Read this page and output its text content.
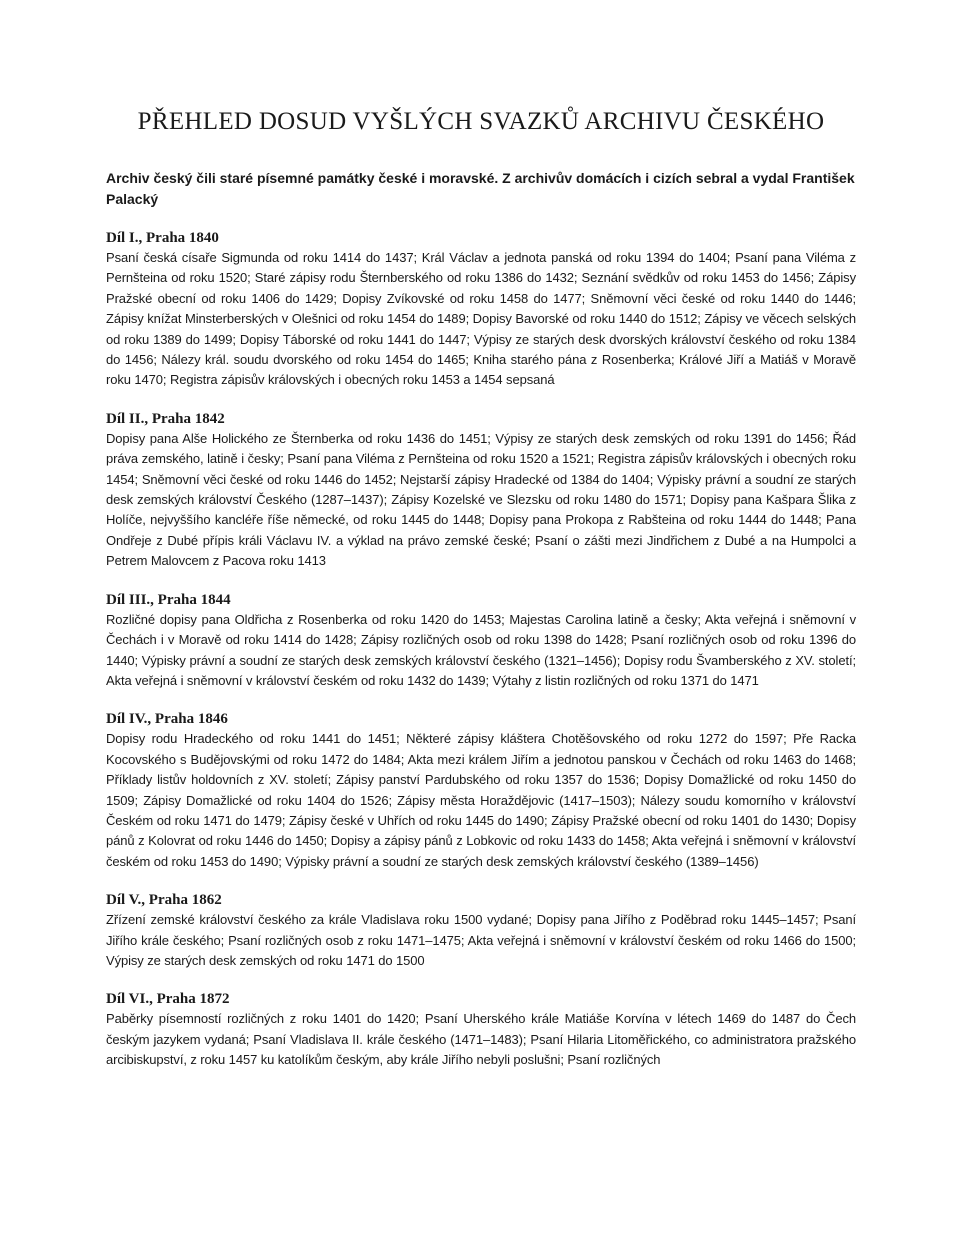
PŘEHLED DOSUD VYŠLÝCH SVAZKŮ ARCHIVU ČESKÉHO

Archiv český čili staré písemné památky české i moravské. Z archivův domácích i cizích sebral a vydal František Palacký

Díl I., Praha 1840

Psaní česká císaře Sigmunda od roku 1414 do 1437; Král Václav a jednota panská od roku 1394 do 1404; Psaní pana Viléma z Pernšteina od roku 1520; Staré zápisy rodu Šternberského od roku 1386 do 1432; Seznání svědkův od roku 1453 do 1456; Zápisy Pražské obecní od roku 1406 do 1429; Dopisy Zvíkovské od roku 1458 do 1477; Sněmovní věci české od roku 1440 do 1446; Zápisy knížat Minsterberských v Olešnici od roku 1454 do 1489; Dopisy Bavorské od roku 1440 do 1512; Zápisy ve věcech selských od roku 1389 do 1499; Dopisy Táborské od roku 1441 do 1447; Výpisy ze starých desk dvorských království českého od roku 1384 do 1456; Nálezy král. soudu dvorského od roku 1454 do 1465; Kniha starého pána z Rosenberka; Králové Jiří a Matiáš v Moravě roku 1470; Registra zápisův královských i obecných roku 1453 a 1454 sepsaná

Díl II., Praha 1842

Dopisy pana Alše Holického ze Šternberka od roku 1436 do 1451; Výpisy ze starých desk zemských od roku 1391 do 1456; Řád práva zemského, latině i česky; Psaní pana Viléma z Pernšteina od roku 1520 a 1521; Registra zápisův královských i obecných roku 1454; Sněmovní věci české od roku 1446 do 1452; Nejstarší zápisy Hradecké od 1384 do 1404; Výpisky právní a soudní ze starých desk zemských království Českého (1287–1437); Zápisy Kozelské ve Slezsku od roku 1480 do 1571; Dopisy pana Kašpara Šlika z Holíče, nejvyššího kancléře říše německé, od roku 1445 do 1448; Dopisy pana Prokopa z Rabšteina od roku 1444 do 1448; Pana Ondřeje z Dubé přípis králi Václavu IV. a výklad na právo zemské české; Psaní o zášti mezi Jindřichem z Dubé a na Humpolci a Petrem Malovcem z Pacova roku 1413

Díl III., Praha 1844

Rozličné dopisy pana Oldřicha z Rosenberka od roku 1420 do 1453; Majestas Carolina latině a česky; Akta veřejná i sněmovní v Čechách i v Moravě od roku 1414 do 1428; Zápisy rozličných osob od roku 1398 do 1428; Psaní rozličných osob od roku 1396 do 1440; Výpisky právní a soudní ze starých desk zemských království českého (1321–1456); Dopisy rodu Švamberského z XV. století; Akta veřejná i sněmovní v království českém od roku 1432 do 1439; Výtahy z listin rozličných od roku 1371 do 1471

Díl IV., Praha 1846

Dopisy rodu Hradeckého od roku 1441 do 1451; Některé zápisy kláštera Chotěšovského od roku 1272 do 1597; Pře Racka Kocovského s Budějovskými od roku 1472 do 1484; Akta mezi králem Jiřím a jednotou panskou v Čechách od roku 1463 do 1468; Příklady listův holdovních z XV. století; Zápisy panství Pardubského od roku 1357 do 1536; Dopisy Domažlické od roku 1450 do 1509; Zápisy Domažlické od roku 1404 do 1526; Zápisy města Horaždějovic (1417–1503); Nálezy soudu komorního v království Českém od roku 1471 do 1479; Zápisy české v Uhřích od roku 1445 do 1490; Zápisy Pražské obecní od roku 1401 do 1430; Dopisy pánů z Kolovrat od roku 1446 do 1450; Dopisy a zápisy pánů z Lobkovic od roku 1433 do 1458; Akta veřejná i sněmovní v království českém od roku 1453 do 1490; Výpisky právní a soudní ze starých desk zemských království českého (1389–1456)

Díl V., Praha 1862

Zřízení zemské království českého za krále Vladislava roku 1500 vydané; Dopisy pana Jiřího z Poděbrad roku 1445–1457; Psaní Jiřího krále českého; Psaní rozličných osob z roku 1471–1475; Akta veřejná i sněmovní v království českém od roku 1466 do 1500; Výpisy ze starých desk zemských od roku 1471 do 1500

Díl VI., Praha 1872

Paběrky písemností rozličných z roku 1401 do 1420; Psaní Uherského krále Matiáše Korvína v létech 1469 do 1487 do Čech českým jazykem vydaná; Psaní Vladislava II. krále českého (1471–1483); Psaní Hilaria Litoměřického, co administratora pražského arcibiskupství, z roku 1457 ku katolíkům českým, aby krále Jiřího nebyli poslušni; Psaní rozličných
